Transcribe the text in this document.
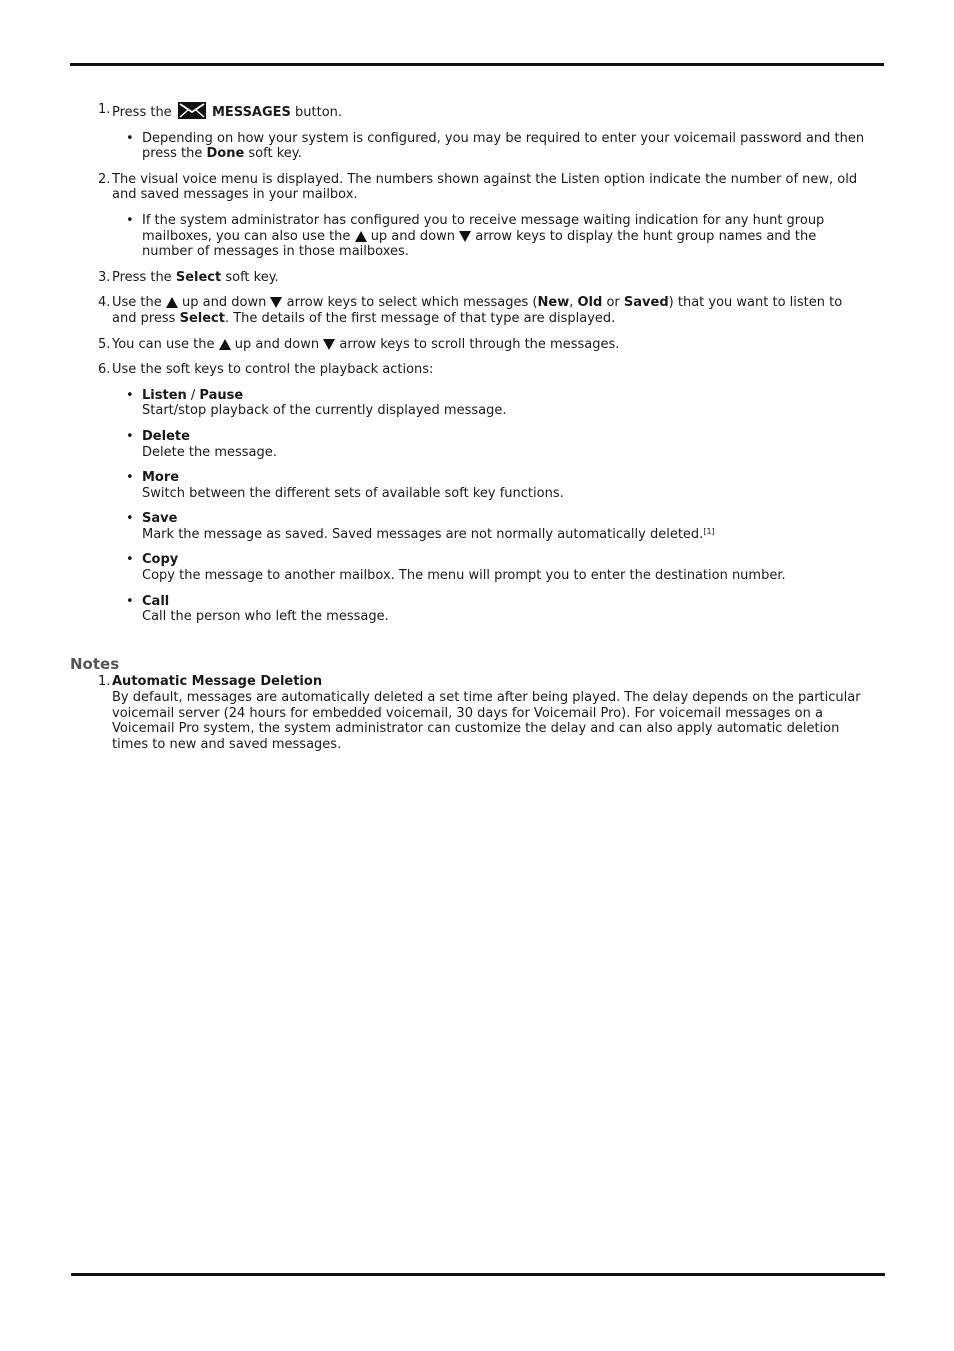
1. Press the	MESSAGES button.
• Depending on how your system is configured, you may be required to enter your voicemail password and then press the Done soft key.
2. The visual voice menu is displayed. The numbers shown against the Listen option indicate the number of new, old and saved messages in your mailbox.
• If the system administrator has configured you to receive message waiting indication for any hunt group mailboxes, you can also use the up and down arrow keys to display the hunt group names and the number of messages in those mailboxes.
3. Press the Select soft key.
4. Use the up and down arrow keys to select which messages (New, Old or Saved) that you want to listen to and press Select. The details of the first message of that type are displayed.
5. You can use the up and down arrow keys to scroll through the messages.
6. Use the soft keys to control the playback actions:
• Listen / Pause
Start/stop playback of the currently displayed message.
• Delete
Delete the message.
• More
Switch between the different sets of available soft key functions.
• Save
Mark the message as saved. Saved messages are not normally automatically deleted.[1]
• Copy
Copy the message to another mailbox. The menu will prompt you to enter the destination number.
• Call
Call the person who left the message.
Notes
1. Automatic Message Deletion
By default, messages are automatically deleted a set time after being played. The delay depends on the particular voicemail server (24 hours for embedded voicemail, 30 days for Voicemail Pro). For voicemail messages on a Voicemail Pro system, the system administrator can customize the delay and can also apply automatic deletion times to new and saved messages.
